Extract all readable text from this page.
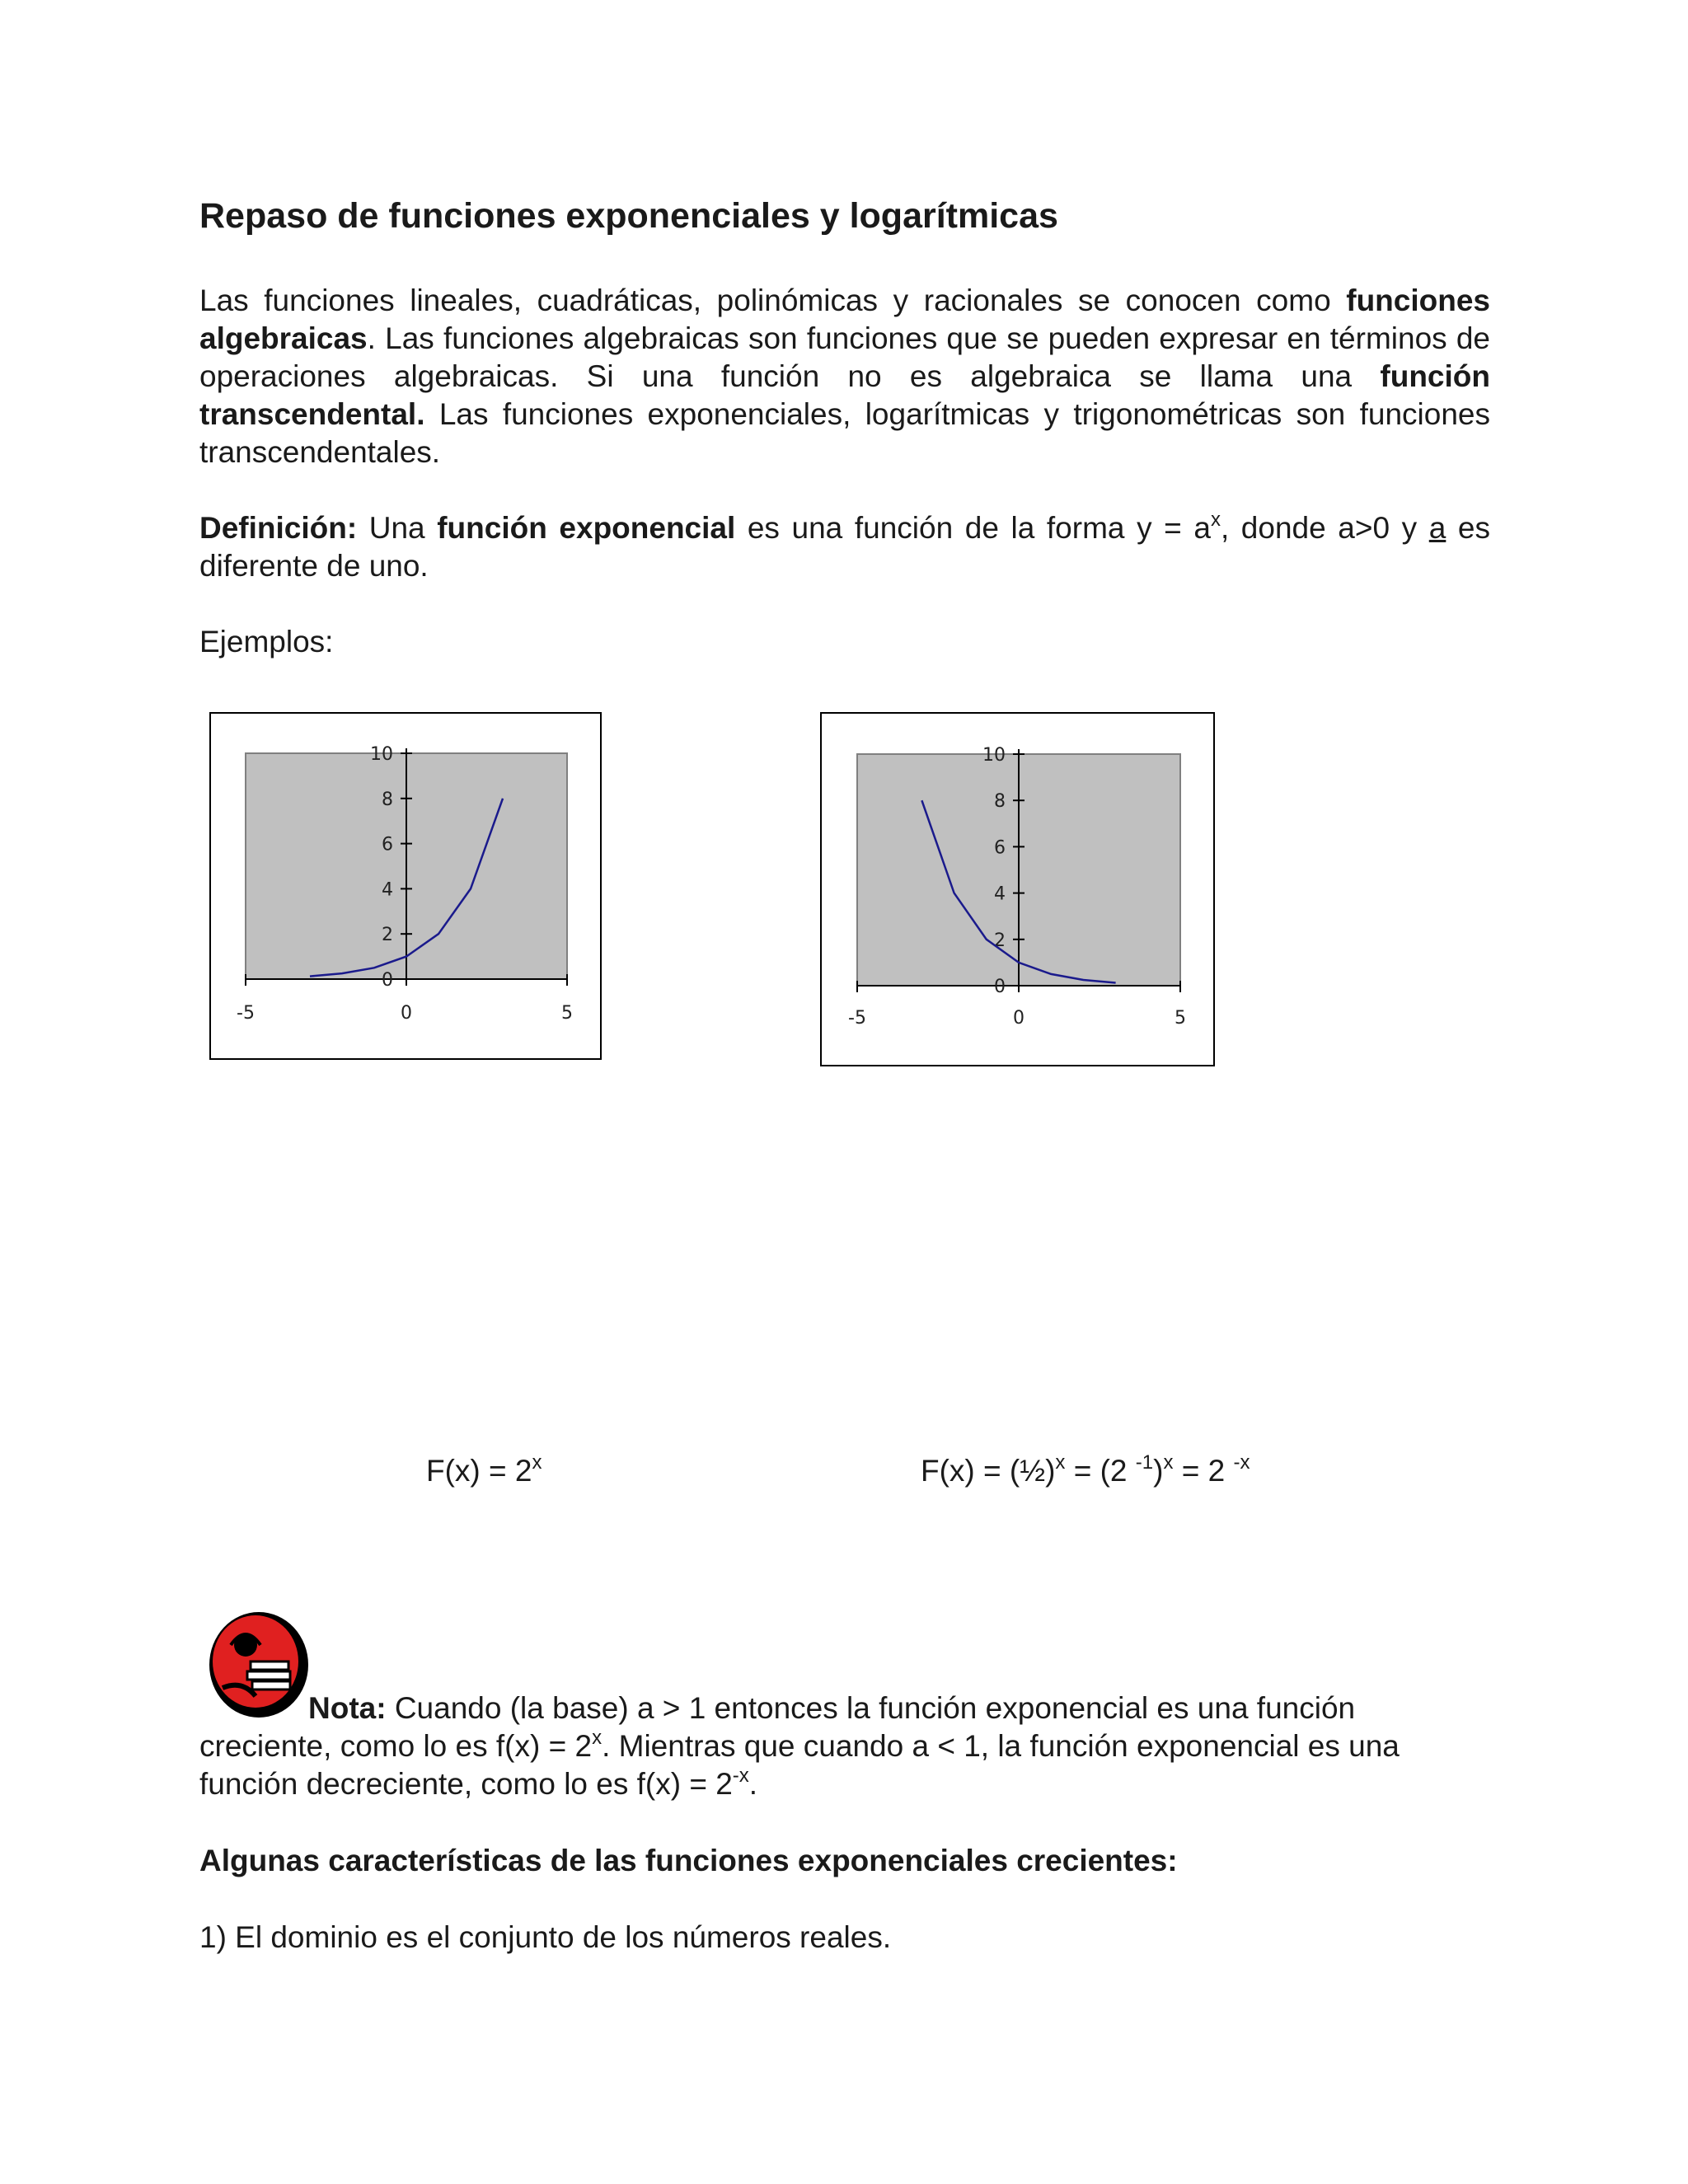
Repaso de funciones exponenciales y logarítmicas

Las funciones lineales, cuadráticas, polinómicas y racionales se conocen como funciones algebraicas. Las funciones algebraicas son funciones que se pueden expresar en términos de operaciones algebraicas. Si una función no es algebraica se llama una función transcendental. Las funciones exponenciales, logarítmicas y trigonométricas son funciones transcendentales.

Definición: Una función exponencial es una función de la forma $y = a^x$, donde a>0 y a es diferente de uno.

Ejemplos:

0
2
4
6
8
10
-5	0	5
0
2
4
6
8
10
-5	0	5

$F(x) = 2^x$	F(x) = (½)$^x$ = (2 $^{-1}$)$^x$ = 2 $^{-x}$

Nota: Cuando (la base) a > 1 entonces la función exponencial es una función creciente, como lo es $f(x) = 2^x$. Mientras que cuando a < 1, la función exponencial es una función decreciente, como lo es $f(x) = 2^{-x}$.

Algunas características de las funciones exponenciales crecientes:

1) El dominio es el conjunto de los números reales.
